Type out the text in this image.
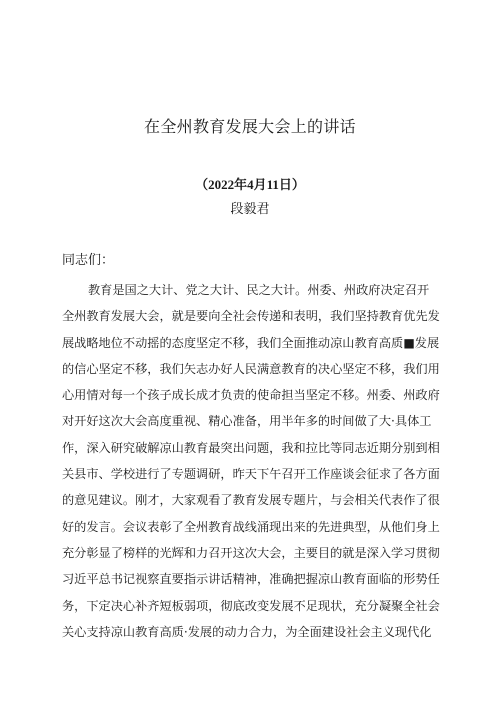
在全州教育发展大会上的讲话
（2022年4月11日）
段毅君
同志们：
教育是国之大计、党之大计、民之大计。州委、州政府决定召开
全州教育发展大会，就是要向全社会传递和表明，我们坚持教育优先发
展战略地位不动摇的态度坚定不移，我们全面推动凉山教育高质■发展
的信心坚定不移，我们矢志办好人民满意教育的决心坚定不移，我们用
心用情对每一个孩子成长成才负责的使命担当坚定不移。州委、州政府
对开好这次大会高度重视、精心准备，用半年多的时间做了大·具体工
作，深入研究破解凉山教育最突出问题，我和拉比等同志近期分别到相
关县市、学校进行了专题调研，昨天下午召开工作座谈会征求了各方面
的意见建议。刚才，大家观看了教育发展专题片，与会相关代表作了很
好的发言。会议表彰了全州教育战线涌现出来的先进典型，从他们身上
充分彰显了榜样的光辉和力召开这次大会，主要目的就是深入学习贯彻
习近平总书记视察直要指示讲话精神，准确把握凉山教育面临的形势任
务，下定决心补齐短板弱项，彻底改变发展不足现状，充分凝聚全社会
关心支持凉山教育高质·发展的动力合力，为全面建设社会主义现代化
